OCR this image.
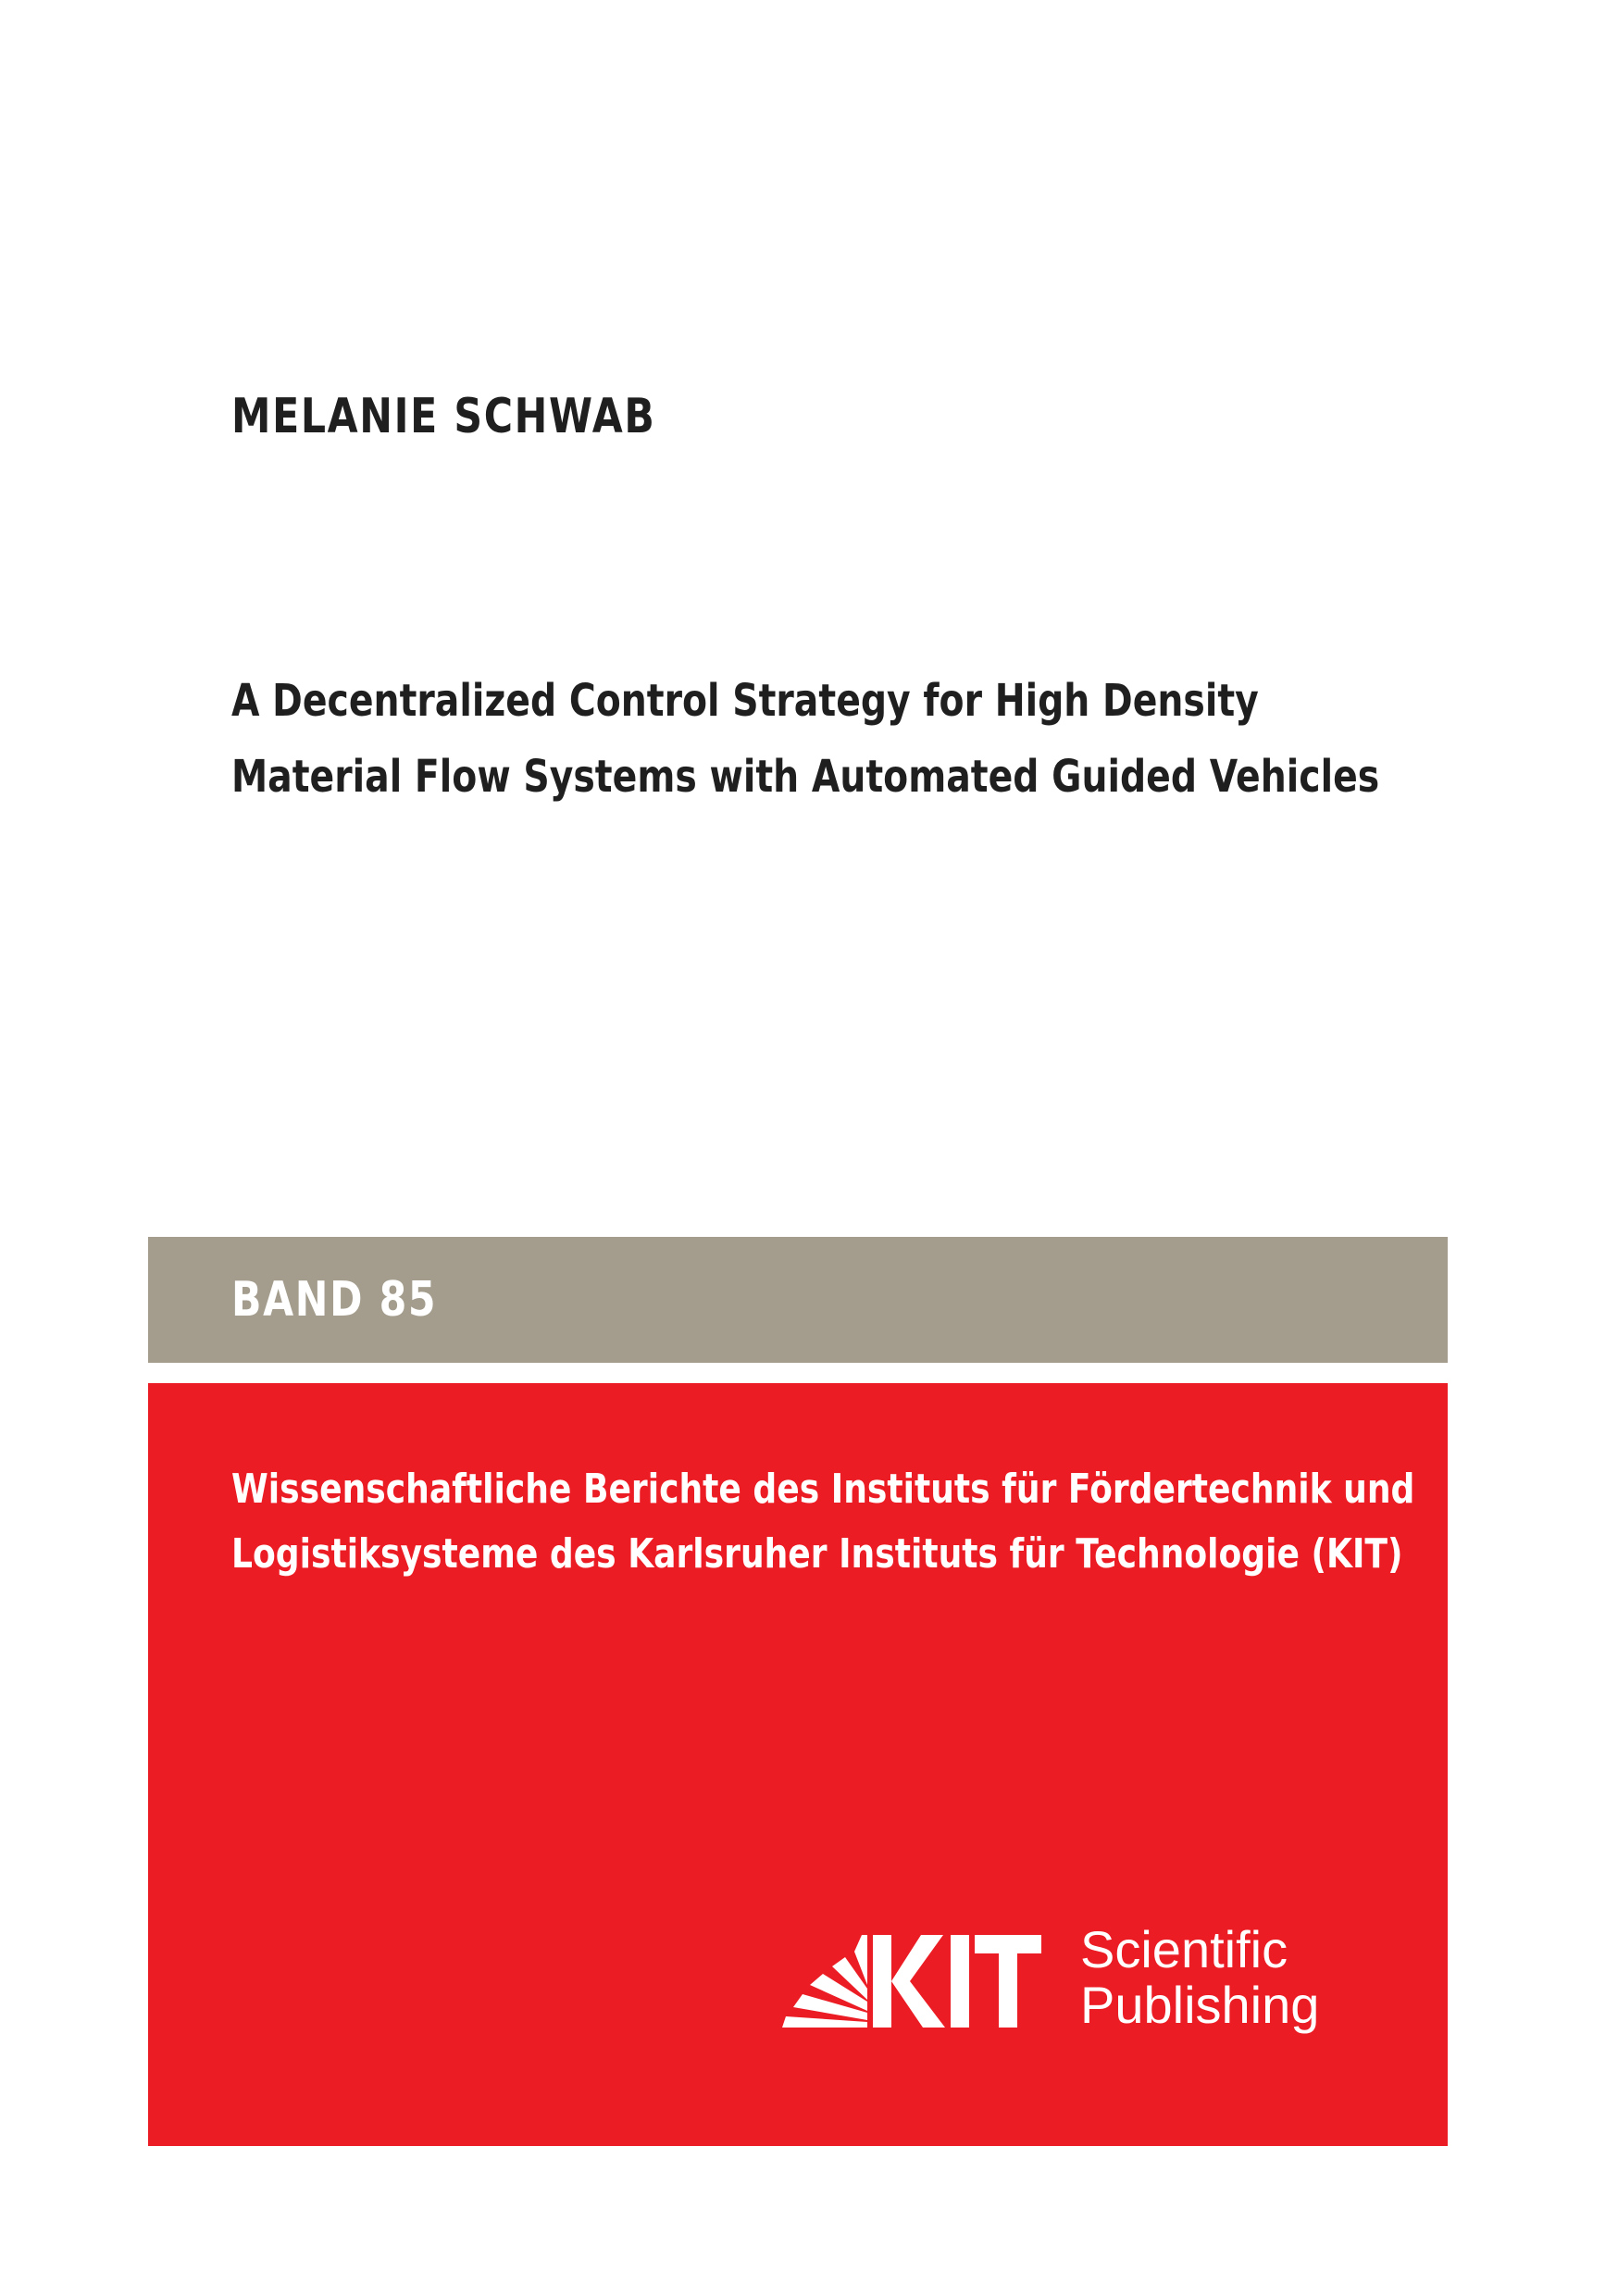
MELANIE SCHWAB
A Decentralized Control Strategy for High Density
Material Flow Systems with Automated Guided Vehicles
BAND 85
Wissenschaftliche Berichte des Instituts für Fördertechnik und
Logistiksysteme des Karlsruher Instituts für Technologie (KIT)
Scientific
Publishing
